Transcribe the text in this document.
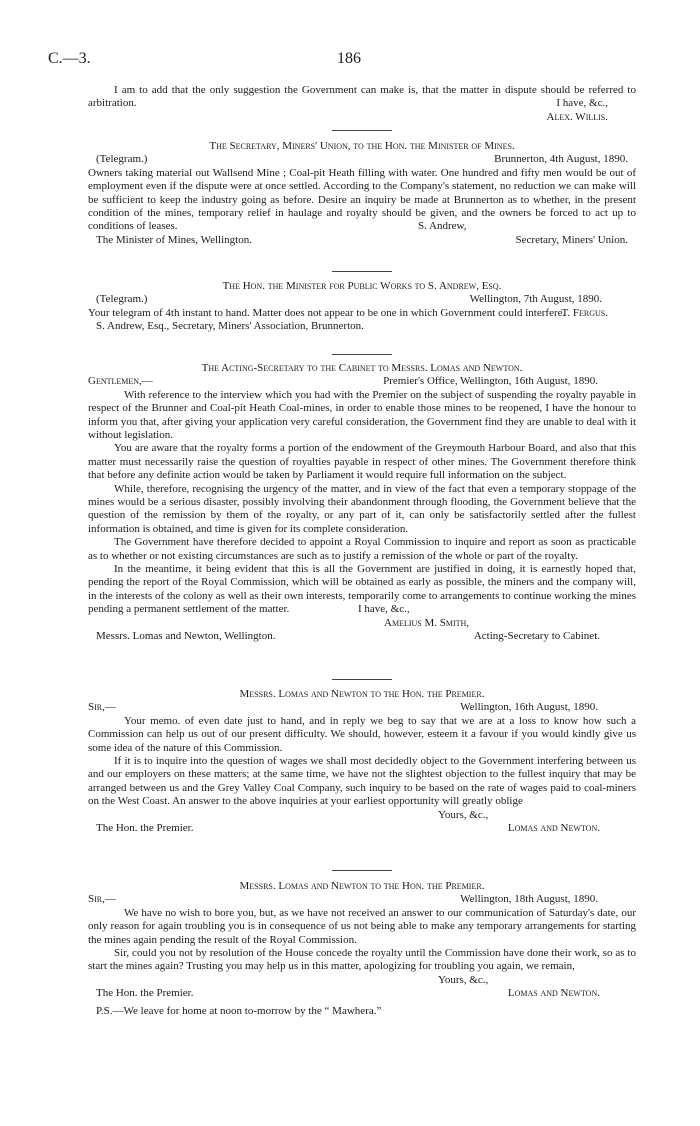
C.—3.	186

I am to add that the only suggestion the Government can make is, that the matter in dispute should be referred to arbitration.	I have, &c.,
Alex. Willis.

The Secretary, Miners' Union, to the Hon. the Minister of Mines.

(Telegram.)	Brunnerton, 4th August, 1890.

Owners taking material out Wallsend Mine ; Coal-pit Heath filling with water. One hundred and fifty men would be out of employment even if the dispute were at once settled. According to the Company's statement, no reduction we can make will be sufficient to keep the industry going as before. Desire an inquiry be made at Brunnerton as to whether, in the present condition of the mines, temporary relief in haulage and royalty should be given, and the owners be forced to act up to conditions of leases.	S. Andrew,
The Minister of Mines, Wellington.	Secretary, Miners' Union.

The Hon. the Minister for Public Works to S. Andrew, Esq.

(Telegram.)	Wellington, 7th August, 1890.

Your telegram of 4th instant to hand. Matter does not appear to be one in which Government could interfere.

T. Fergus.
S. Andrew, Esq., Secretary, Miners' Association, Brunnerton.

The Acting-Secretary to the Cabinet to Messrs. Lomas and Newton.

Gentlemen,—	Premier's Office, Wellington, 16th August, 1890.

With reference to the interview which you had with the Premier on the subject of suspending the royalty payable in respect of the Brunner and Coal-pit Heath Coal-mines, in order to enable those mines to be reopened, I have the honour to inform you that, after giving your application very careful consideration, the Government find they are unable to deal with it without legislation.

You are aware that the royalty forms a portion of the endowment of the Greymouth Harbour Board, and also that this matter must necessarily raise the question of royalties payable in respect of other mines. The Government therefore think that before any definite action would be taken by Parliament it would require full information on the subject.

While, therefore, recognising the urgency of the matter, and in view of the fact that even a temporary stoppage of the mines would be a serious disaster, possibly involving their abandonment through flooding, the Government believe that the question of the remission by them of the royalty, or any part of it, can only be satisfactorily settled after the fullest information is obtained, and time is given for its complete consideration.

The Government have therefore decided to appoint a Royal Commission to inquire and report as soon as practicable as to whether or not existing circumstances are such as to justify a remission of the whole or part of the royalty.

In the meantime, it being evident that this is all the Government are justified in doing, it is earnestly hoped that, pending the report of the Royal Commission, which will be obtained as early as possible, the miners and the company will, in the interests of the colony as well as their own interests, temporarily come to arrangements to continue working the mines pending a permanent settlement of the matter.	I have, &c.,
Amelius M. Smith,
Messrs. Lomas and Newton, Wellington.	Acting-Secretary to Cabinet.

Messrs. Lomas and Newton to the Hon. the Premier.

Sir,—	Wellington, 16th August, 1890.

Your memo. of even date just to hand, and in reply we beg to say that we are at a loss to know how such a Commission can help us out of our present difficulty. We should, however, esteem it a favour if you would kindly give us some idea of the nature of this Commission.

If it is to inquire into the question of wages we shall most decidedly object to the Government interfering between us and our employers on these matters; at the same time, we have not the slightest objection to the fullest inquiry that may be arranged between us and the Grey Valley Coal Company, such inquiry to be based on the rate of wages paid to coal-miners on the West Coast. An answer to the above inquiries at your earliest opportunity will greatly oblige

Yours, &c.,
The Hon. the Premier.	Lomas and Newton.

Messrs. Lomas and Newton to the Hon. the Premier.

Sir,—	Wellington, 18th August, 1890.

We have no wish to bore you, but, as we have not received an answer to our communication of Saturday's date, our only reason for again troubling you is in consequence of us not being able to make any temporary arrangements for starting the mines again pending the result of the Royal Commission.

Sir, could you not by resolution of the House concede the royalty until the Commission have done their work, so as to start the mines again? Trusting you may help us in this matter, apologizing for troubling you again, we remain,

Yours, &c.,
The Hon. the Premier.	Lomas and Newton.

P.S.—We leave for home at noon to-morrow by the “ Mawhera.”
